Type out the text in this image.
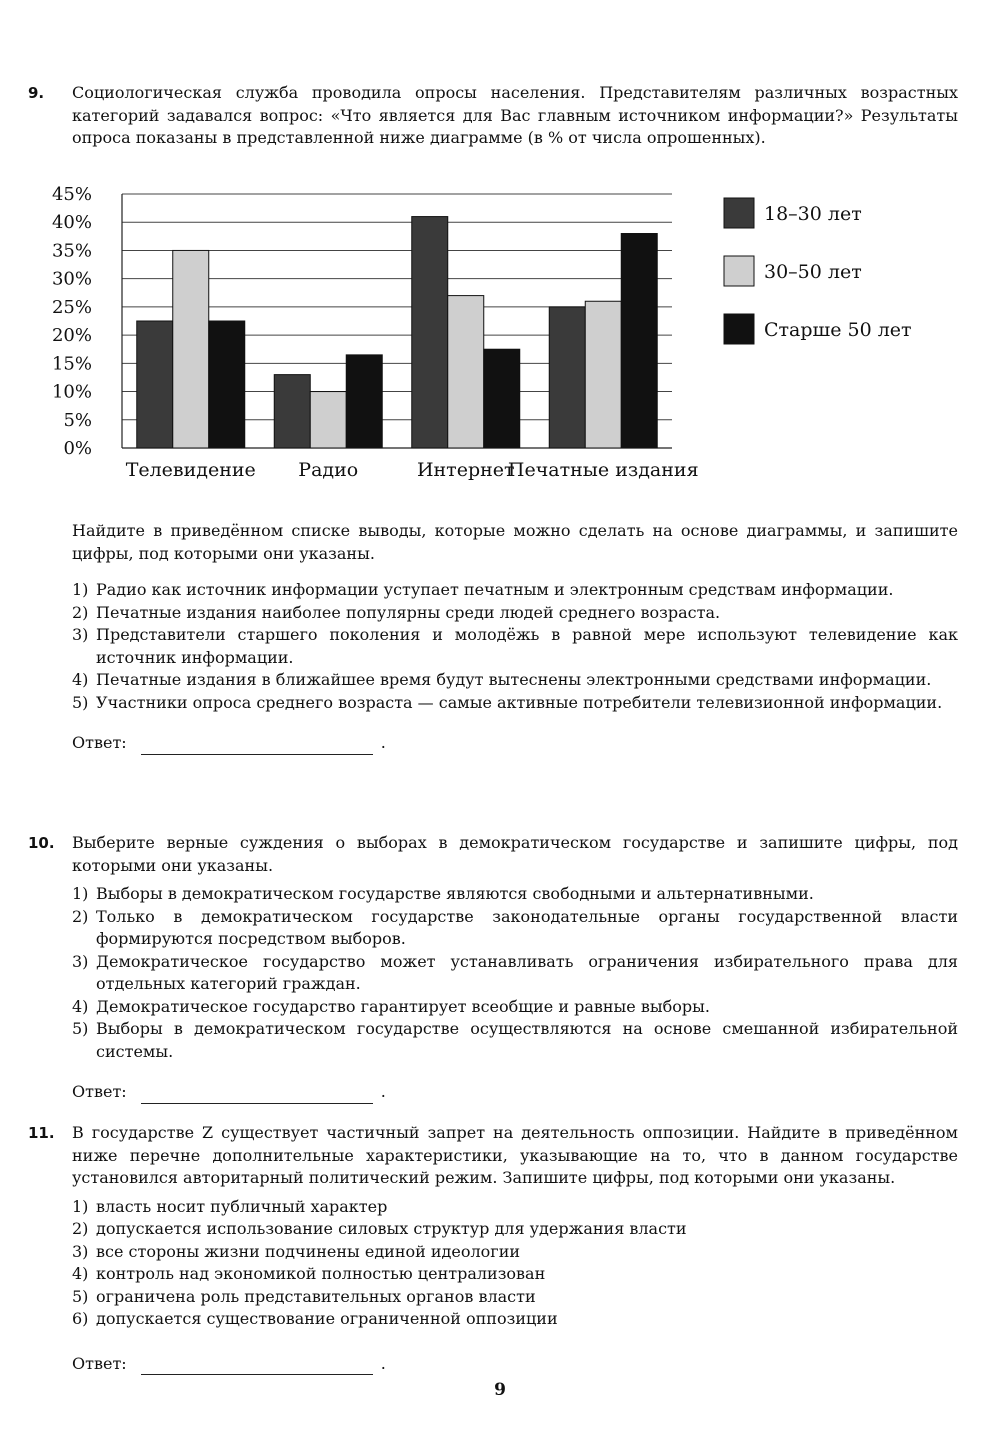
9. Социологическая служба проводила опросы населения. Представителям различных возрастных категорий задавался вопрос: «Что является для Вас главным источником информации?» Результаты опроса показаны в представленной ниже диаграмме (в % от числа опрошенных).
0%
5%
10%
15%
20%
25%
30%
35%
40%
45%
Телевидение Радио	Интернет
Печатные издания
18–30 лет
30–50 лет
Старше 50 лет
Найдите в приведённом списке выводы, которые можно сделать на основе диаграммы, и запишите цифры, под которыми они указаны.
1) Радио как источник информации уступает печатным и электронным средствам информации.
2) Печатные издания наиболее популярны среди людей среднего возраста.
3) Представители старшего поколения и молодёжь в равной мере используют телевидение как источник информации.
4) Печатные издания в ближайшее время будут вытеснены электронными средствами информации.
5) Участники опроса среднего возраста — самые активные потребители телевизионной информации.
Ответ:	.
10. Выберите верные суждения о выборах в демократическом государстве и запишите цифры, под которыми они указаны.
1) Выборы в демократическом государстве являются свободными и альтернативными.
2) Только в демократическом государстве законодательные органы государственной власти формируются посредством выборов.
3) Демократическое государство может устанавливать ограничения избирательного права для отдельных категорий граждан.
4) Демократическое государство гарантирует всеобщие и равные выборы.
5) Выборы в демократическом государстве осуществляются на основе смешанной избирательной системы.
Ответ:	.
11. В государстве Z существует частичный запрет на деятельность оппозиции. Найдите в приведённом ниже перечне дополнительные характеристики, указывающие на то, что в данном государстве установился авторитарный политический режим. Запишите цифры, под которыми они указаны.
1) власть носит публичный характер
2) допускается использование силовых структур для удержания власти
3) все стороны жизни подчинены единой идеологии
4) контроль над экономикой полностью централизован
5) ограничена роль представительных органов власти
6) допускается существование ограниченной оппозиции
Ответ:	.
9
